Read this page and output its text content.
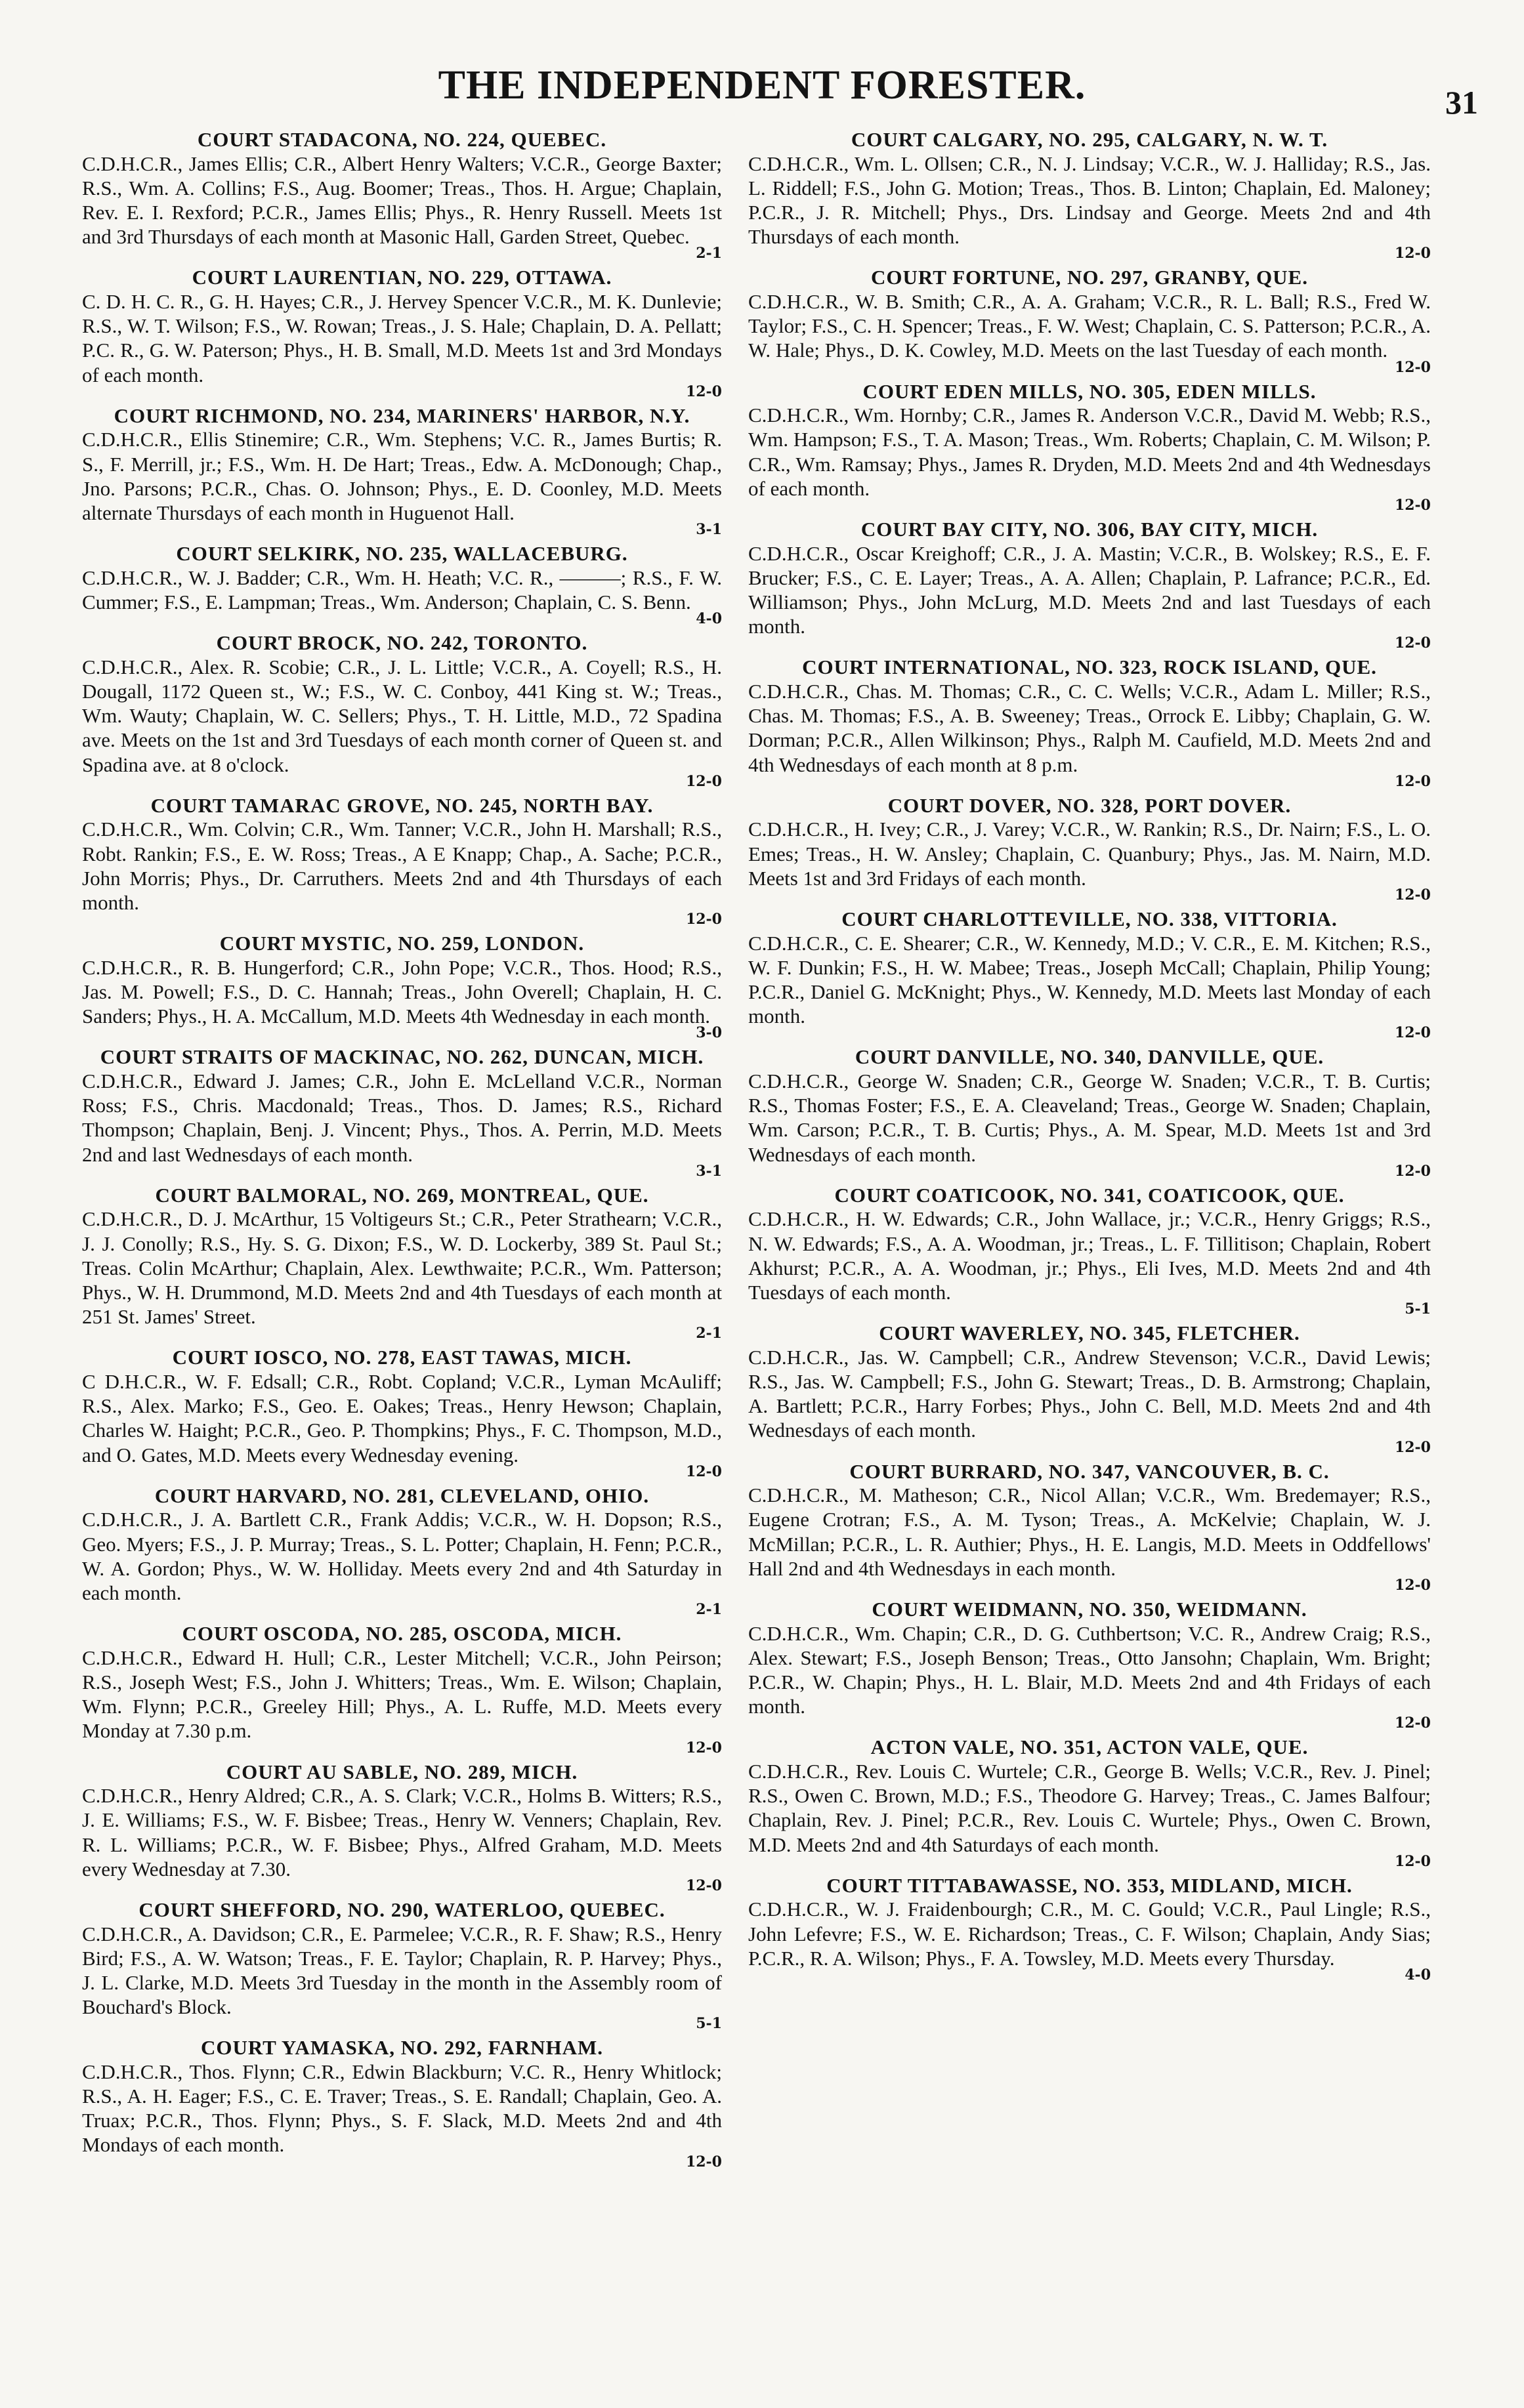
THE INDEPENDENT FORESTER.	31
COURT STADACONA, NO. 224, QUEBEC.
C.D.H.C.R., James Ellis; C.R., Albert Henry Walters; V.C.R., George Baxter; R.S., Wm. A. Collins; F.S., Aug. Boomer; Treas., Thos. H. Argue; Chaplain, Rev. E. I. Rexford; P.C.R., James Ellis; Phys., R. Henry Russell. Meets 1st and 3rd Thursdays of each month at Masonic Hall, Garden Street, Quebec.
2-1
COURT LAURENTIAN, NO. 229, OTTAWA.
C. D. H. C. R., G. H. Hayes; C.R., J. Hervey Spencer V.C.R., M. K. Dunlevie; R.S., W. T. Wilson; F.S., W. Rowan; Treas., J. S. Hale; Chaplain, D. A. Pellatt; P.C. R., G. W. Paterson; Phys., H. B. Small, M.D. Meets 1st and 3rd Mondays of each month.
12-0
COURT RICHMOND, NO. 234, MARINERS' HARBOR, N.Y.
C.D.H.C.R., Ellis Stinemire; C.R., Wm. Stephens; V.C. R., James Burtis; R. S., F. Merrill, jr.; F.S., Wm. H. De Hart; Treas., Edw. A. McDonough; Chap., Jno. Parsons; P.C.R., Chas. O. Johnson; Phys., E. D. Coonley, M.D. Meets alternate Thursdays of each month in Huguenot Hall.
3-1
COURT SELKIRK, NO. 235, WALLACEBURG.
C.D.H.C.R., W. J. Badder; C.R., Wm. H. Heath; V.C. R., ———; R.S., F. W. Cummer; F.S., E. Lampman; Treas., Wm. Anderson; Chaplain, C. S. Benn.
4-0
COURT BROCK, NO. 242, TORONTO.
C.D.H.C.R., Alex. R. Scobie; C.R., J. L. Little; V.C.R., A. Coyell; R.S., H. Dougall, 1172 Queen st., W.; F.S., W. C. Conboy, 441 King st. W.; Treas., Wm. Wauty; Chaplain, W. C. Sellers; Phys., T. H. Little, M.D., 72 Spadina ave. Meets on the 1st and 3rd Tuesdays of each month corner of Queen st. and Spadina ave. at 8 o'clock.
12-0
COURT TAMARAC GROVE, NO. 245, NORTH BAY.
C.D.H.C.R., Wm. Colvin; C.R., Wm. Tanner; V.C.R., John H. Marshall; R.S., Robt. Rankin; F.S., E. W. Ross; Treas., A E Knapp; Chap., A. Sache; P.C.R., John Morris; Phys., Dr. Carruthers. Meets 2nd and 4th Thursdays of each month.
12-0
COURT MYSTIC, NO. 259, LONDON.
C.D.H.C.R., R. B. Hungerford; C.R., John Pope; V.C.R., Thos. Hood; R.S., Jas. M. Powell; F.S., D. C. Hannah; Treas., John Overell; Chaplain, H. C. Sanders; Phys., H. A. McCallum, M.D. Meets 4th Wednesday in each month.
3-0
COURT STRAITS OF MACKINAC, NO. 262, DUNCAN, MICH.
C.D.H.C.R., Edward J. James; C.R., John E. McLelland V.C.R., Norman Ross; F.S., Chris. Macdonald; Treas., Thos. D. James; R.S., Richard Thompson; Chaplain, Benj. J. Vincent; Phys., Thos. A. Perrin, M.D. Meets 2nd and last Wednesdays of each month.
3-1
COURT BALMORAL, NO. 269, MONTREAL, QUE.
C.D.H.C.R., D. J. McArthur, 15 Voltigeurs St.; C.R., Peter Strathearn; V.C.R., J. J. Conolly; R.S., Hy. S. G. Dixon; F.S., W. D. Lockerby, 389 St. Paul St.; Treas. Colin McArthur; Chaplain, Alex. Lewthwaite; P.C.R., Wm. Patterson; Phys., W. H. Drummond, M.D. Meets 2nd and 4th Tuesdays of each month at 251 St. James' Street.
2-1
COURT IOSCO, NO. 278, EAST TAWAS, MICH.
C D.H.C.R., W. F. Edsall; C.R., Robt. Copland; V.C.R., Lyman McAuliff; R.S., Alex. Marko; F.S., Geo. E. Oakes; Treas., Henry Hewson; Chaplain, Charles W. Haight; P.C.R., Geo. P. Thompkins; Phys., F. C. Thompson, M.D., and O. Gates, M.D. Meets every Wednesday evening.
12-0
COURT HARVARD, NO. 281, CLEVELAND, OHIO.
C.D.H.C.R., J. A. Bartlett C.R., Frank Addis; V.C.R., W. H. Dopson; R.S., Geo. Myers; F.S., J. P. Murray; Treas., S. L. Potter; Chaplain, H. Fenn; P.C.R., W. A. Gordon; Phys., W. W. Holliday. Meets every 2nd and 4th Saturday in each month.
2-1
COURT OSCODA, NO. 285, OSCODA, MICH.
C.D.H.C.R., Edward H. Hull; C.R., Lester Mitchell; V.C.R., John Peirson; R.S., Joseph West; F.S., John J. Whitters; Treas., Wm. E. Wilson; Chaplain, Wm. Flynn; P.C.R., Greeley Hill; Phys., A. L. Ruffe, M.D. Meets every Monday at 7.30 p.m.
12-0
COURT AU SABLE, NO. 289, MICH.
C.D.H.C.R., Henry Aldred; C.R., A. S. Clark; V.C.R., Holms B. Witters; R.S., J. E. Williams; F.S., W. F. Bisbee; Treas., Henry W. Venners; Chaplain, Rev. R. L. Williams; P.C.R., W. F. Bisbee; Phys., Alfred Graham, M.D. Meets every Wednesday at 7.30.
12-0
COURT SHEFFORD, NO. 290, WATERLOO, QUEBEC.
C.D.H.C.R., A. Davidson; C.R., E. Parmelee; V.C.R., R. F. Shaw; R.S., Henry Bird; F.S., A. W. Watson; Treas., F. E. Taylor; Chaplain, R. P. Harvey; Phys., J. L. Clarke, M.D. Meets 3rd Tuesday in the month in the Assembly room of Bouchard's Block.
5-1
COURT YAMASKA, NO. 292, FARNHAM.
C.D.H.C.R., Thos. Flynn; C.R., Edwin Blackburn; V.C. R., Henry Whitlock; R.S., A. H. Eager; F.S., C. E. Traver; Treas., S. E. Randall; Chaplain, Geo. A. Truax; P.C.R., Thos. Flynn; Phys., S. F. Slack, M.D. Meets 2nd and 4th Mondays of each month.
12-0
COURT CALGARY, NO. 295, CALGARY, N. W. T.
C.D.H.C.R., Wm. L. Ollsen; C.R., N. J. Lindsay; V.C.R., W. J. Halliday; R.S., Jas. L. Riddell; F.S., John G. Motion; Treas., Thos. B. Linton; Chaplain, Ed. Maloney; P.C.R., J. R. Mitchell; Phys., Drs. Lindsay and George. Meets 2nd and 4th Thursdays of each month.
12-0
COURT FORTUNE, NO. 297, GRANBY, QUE.
C.D.H.C.R., W. B. Smith; C.R., A. A. Graham; V.C.R., R. L. Ball; R.S., Fred W. Taylor; F.S., C. H. Spencer; Treas., F. W. West; Chaplain, C. S. Patterson; P.C.R., A. W. Hale; Phys., D. K. Cowley, M.D. Meets on the last Tuesday of each month.
12-0
COURT EDEN MILLS, NO. 305, EDEN MILLS.
C.D.H.C.R., Wm. Hornby; C.R., James R. Anderson V.C.R., David M. Webb; R.S., Wm. Hampson; F.S., T. A. Mason; Treas., Wm. Roberts; Chaplain, C. M. Wilson; P. C.R., Wm. Ramsay; Phys., James R. Dryden, M.D. Meets 2nd and 4th Wednesdays of each month.
12-0
COURT BAY CITY, NO. 306, BAY CITY, MICH.
C.D.H.C.R., Oscar Kreighoff; C.R., J. A. Mastin; V.C.R., B. Wolskey; R.S., E. F. Brucker; F.S., C. E. Layer; Treas., A. A. Allen; Chaplain, P. Lafrance; P.C.R., Ed. Williamson; Phys., John McLurg, M.D. Meets 2nd and last Tuesdays of each month.
12-0
COURT INTERNATIONAL, NO. 323, ROCK ISLAND, QUE.
C.D.H.C.R., Chas. M. Thomas; C.R., C. C. Wells; V.C.R., Adam L. Miller; R.S., Chas. M. Thomas; F.S., A. B. Sweeney; Treas., Orrock E. Libby; Chaplain, G. W. Dorman; P.C.R., Allen Wilkinson; Phys., Ralph M. Caufield, M.D. Meets 2nd and 4th Wednesdays of each month at 8 p.m.
12-0
COURT DOVER, NO. 328, PORT DOVER.
C.D.H.C.R., H. Ivey; C.R., J. Varey; V.C.R., W. Rankin; R.S., Dr. Nairn; F.S., L. O. Emes; Treas., H. W. Ansley; Chaplain, C. Quanbury; Phys., Jas. M. Nairn, M.D. Meets 1st and 3rd Fridays of each month.
12-0
COURT CHARLOTTEVILLE, NO. 338, VITTORIA.
C.D.H.C.R., C. E. Shearer; C.R., W. Kennedy, M.D.; V. C.R., E. M. Kitchen; R.S., W. F. Dunkin; F.S., H. W. Mabee; Treas., Joseph McCall; Chaplain, Philip Young; P.C.R., Daniel G. McKnight; Phys., W. Kennedy, M.D. Meets last Monday of each month.
12-0
COURT DANVILLE, NO. 340, DANVILLE, QUE.
C.D.H.C.R., George W. Snaden; C.R., George W. Snaden; V.C.R., T. B. Curtis; R.S., Thomas Foster; F.S., E. A. Cleaveland; Treas., George W. Snaden; Chaplain, Wm. Carson; P.C.R., T. B. Curtis; Phys., A. M. Spear, M.D. Meets 1st and 3rd Wednesdays of each month.
12-0
COURT COATICOOK, NO. 341, COATICOOK, QUE.
C.D.H.C.R., H. W. Edwards; C.R., John Wallace, jr.; V.C.R., Henry Griggs; R.S., N. W. Edwards; F.S., A. A. Woodman, jr.; Treas., L. F. Tillitison; Chaplain, Robert Akhurst; P.C.R., A. A. Woodman, jr.; Phys., Eli Ives, M.D. Meets 2nd and 4th Tuesdays of each month.
5-1
COURT WAVERLEY, NO. 345, FLETCHER.
C.D.H.C.R., Jas. W. Campbell; C.R., Andrew Stevenson; V.C.R., David Lewis; R.S., Jas. W. Campbell; F.S., John G. Stewart; Treas., D. B. Armstrong; Chaplain, A. Bartlett; P.C.R., Harry Forbes; Phys., John C. Bell, M.D. Meets 2nd and 4th Wednesdays of each month.
12-0
COURT BURRARD, NO. 347, VANCOUVER, B. C.
C.D.H.C.R., M. Matheson; C.R., Nicol Allan; V.C.R., Wm. Bredemayer; R.S., Eugene Crotran; F.S., A. M. Tyson; Treas., A. McKelvie; Chaplain, W. J. McMillan; P.C.R., L. R. Authier; Phys., H. E. Langis, M.D. Meets in Oddfellows' Hall 2nd and 4th Wednesdays in each month.
12-0
COURT WEIDMANN, NO. 350, WEIDMANN.
C.D.H.C.R., Wm. Chapin; C.R., D. G. Cuthbertson; V.C. R., Andrew Craig; R.S., Alex. Stewart; F.S., Joseph Benson; Treas., Otto Jansohn; Chaplain, Wm. Bright; P.C.R., W. Chapin; Phys., H. L. Blair, M.D. Meets 2nd and 4th Fridays of each month.
12-0
ACTON VALE, NO. 351, ACTON VALE, QUE.
C.D.H.C.R., Rev. Louis C. Wurtele; C.R., George B. Wells; V.C.R., Rev. J. Pinel; R.S., Owen C. Brown, M.D.; F.S., Theodore G. Harvey; Treas., C. James Balfour; Chaplain, Rev. J. Pinel; P.C.R., Rev. Louis C. Wurtele; Phys., Owen C. Brown, M.D. Meets 2nd and 4th Saturdays of each month.
12-0
COURT TITTABAWASSE, NO. 353, MIDLAND, MICH.
C.D.H.C.R., W. J. Fraidenbourgh; C.R., M. C. Gould; V.C.R., Paul Lingle; R.S., John Lefevre; F.S., W. E. Richardson; Treas., C. F. Wilson; Chaplain, Andy Sias; P.C.R., R. A. Wilson; Phys., F. A. Towsley, M.D. Meets every Thursday.
4-0
